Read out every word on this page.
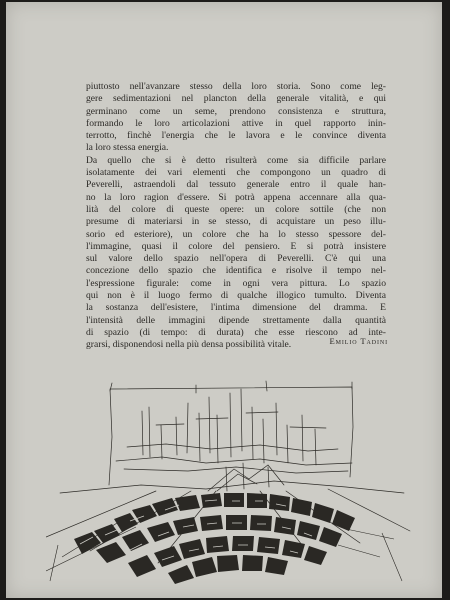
piuttosto nell'avanzare stesso della loro storia. Sono come leg-
gere sedimentazioni nel plancton della generale vitalità, e qui
germinano come un seme, prendono consistenza e struttura,
formando le loro articolazioni attive in quel rapporto inin-
terrotto, finchè l'energia che le lavora e le convince diventa
la loro stessa energia.
Da quello che si è detto risulterà come sia difficile parlare
isolatamente dei vari elementi che compongono un quadro di
Peverelli, astraendoli dal tessuto generale entro il quale han-
no la loro ragion d'essere. Si potrà appena accennare alla qua-
lità del colore di queste opere: un colore sottile (che non
presume di materiarsi in se stesso, di acquistare un peso illu-
sorio ed esteriore), un colore che ha lo stesso spessore del-
l'immagine, quasi il colore del pensiero. E si potrà insistere
sul valore dello spazio nell'opera di Peverelli. C'è qui una
concezione dello spazio che identifica e risolve il tempo nel-
l'espressione figurale: come in ogni vera pittura. Lo spazio
qui non è il luogo fermo di qualche illogico tumulto. Diventa
la sostanza dell'esistere, l'intima dimensione del dramma. E
l'intensità delle immagini dipende strettamente dalla quantità
di spazio (di tempo: di durata) che esse riescono ad inte-
grarsi, disponendosi nella più densa possibilità vitale.	Emilio Tadini
